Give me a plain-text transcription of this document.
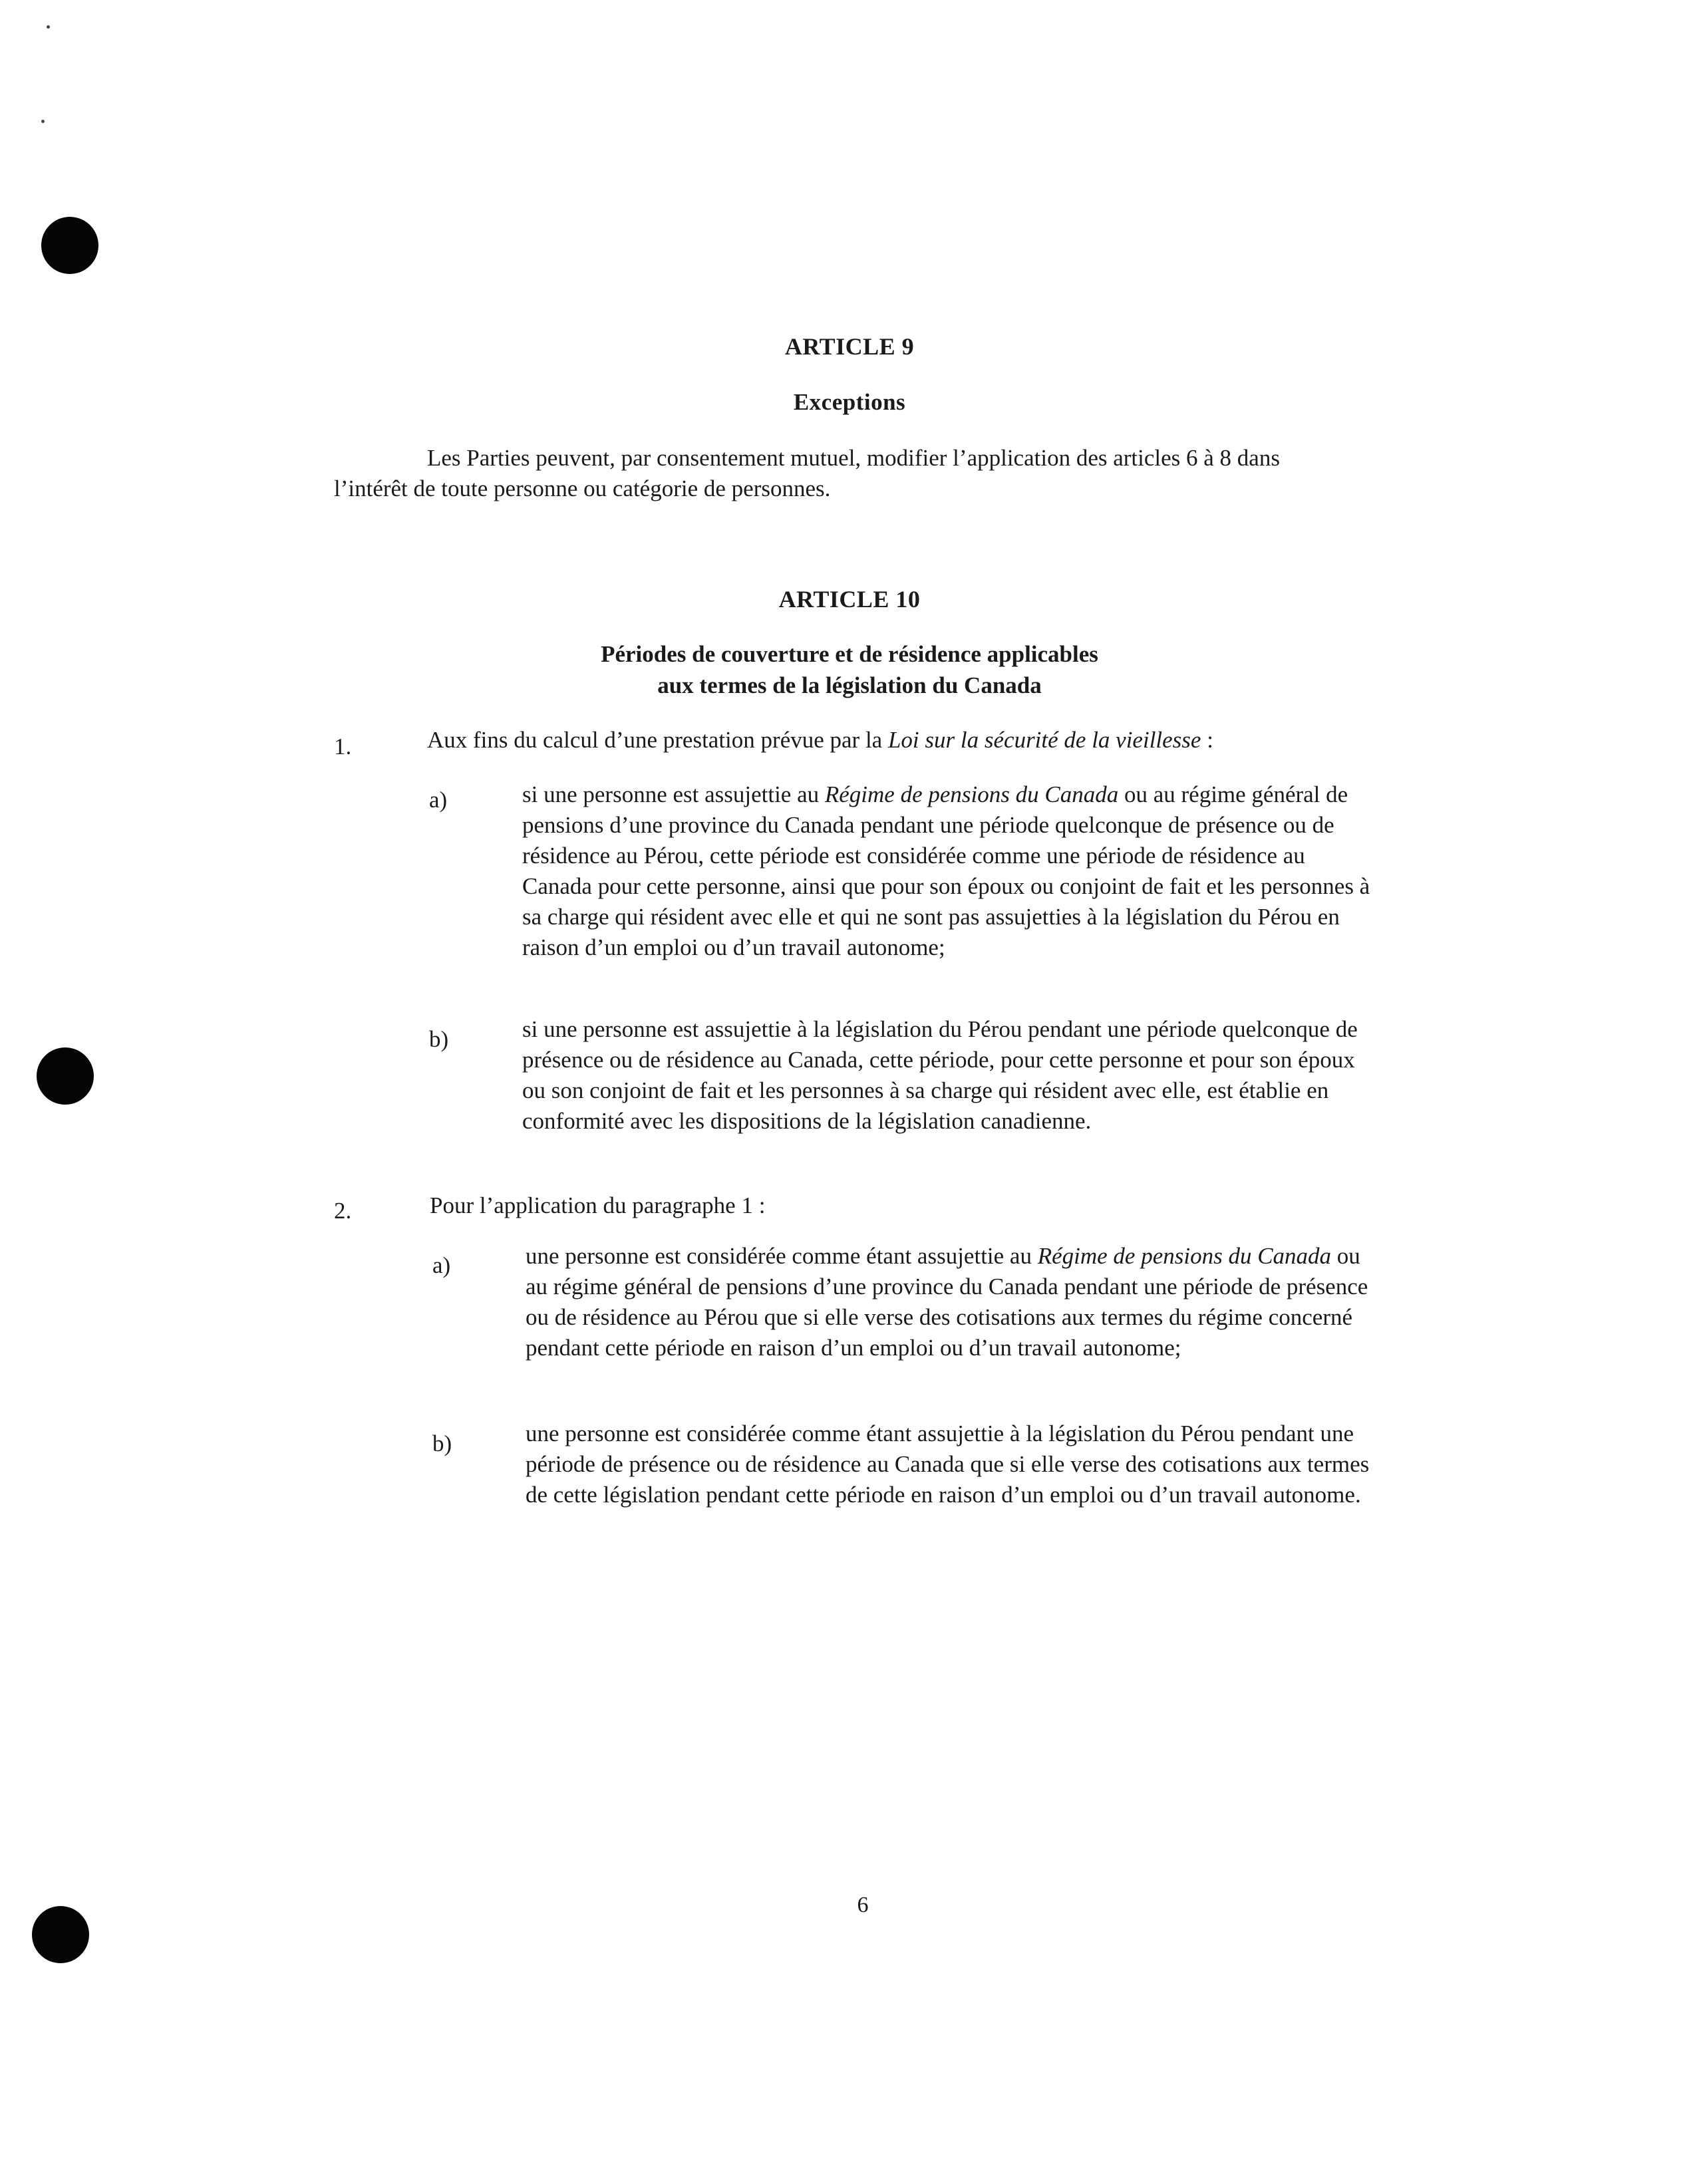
ARTICLE 9
Exceptions
Les Parties peuvent, par consentement mutuel, modifier l’application des articles 6 à 8 dans l’intérêt de toute personne ou catégorie de personnes.
ARTICLE 10
Périodes de couverture et de résidence applicables
aux termes de la législation du Canada
1.	Aux fins du calcul d’une prestation prévue par la Loi sur la sécurité de la vieillesse :
a)	si une personne est assujettie au Régime de pensions du Canada ou au régime général de pensions d’une province du Canada pendant une période quelconque de présence ou de résidence au Pérou, cette période est considérée comme une période de résidence au Canada pour cette personne, ainsi que pour son époux ou conjoint de fait et les personnes à sa charge qui résident avec elle et qui ne sont pas assujetties à la législation du Pérou en raison d’un emploi ou d’un travail autonome;
b)	si une personne est assujettie à la législation du Pérou pendant une période quelconque de présence ou de résidence au Canada, cette période, pour cette personne et pour son époux ou son conjoint de fait et les personnes à sa charge qui résident avec elle, est établie en conformité avec les dispositions de la législation canadienne.
2.	Pour l’application du paragraphe 1 :
a)	une personne est considérée comme étant assujettie au Régime de pensions du Canada ou au régime général de pensions d’une province du Canada pendant une période de présence ou de résidence au Pérou que si elle verse des cotisations aux termes du régime concerné pendant cette période en raison d’un emploi ou d’un travail autonome;
b)	une personne est considérée comme étant assujettie à la législation du Pérou pendant une période de présence ou de résidence au Canada que si elle verse des cotisations aux termes de cette législation pendant cette période en raison d’un emploi ou d’un travail autonome.
6
